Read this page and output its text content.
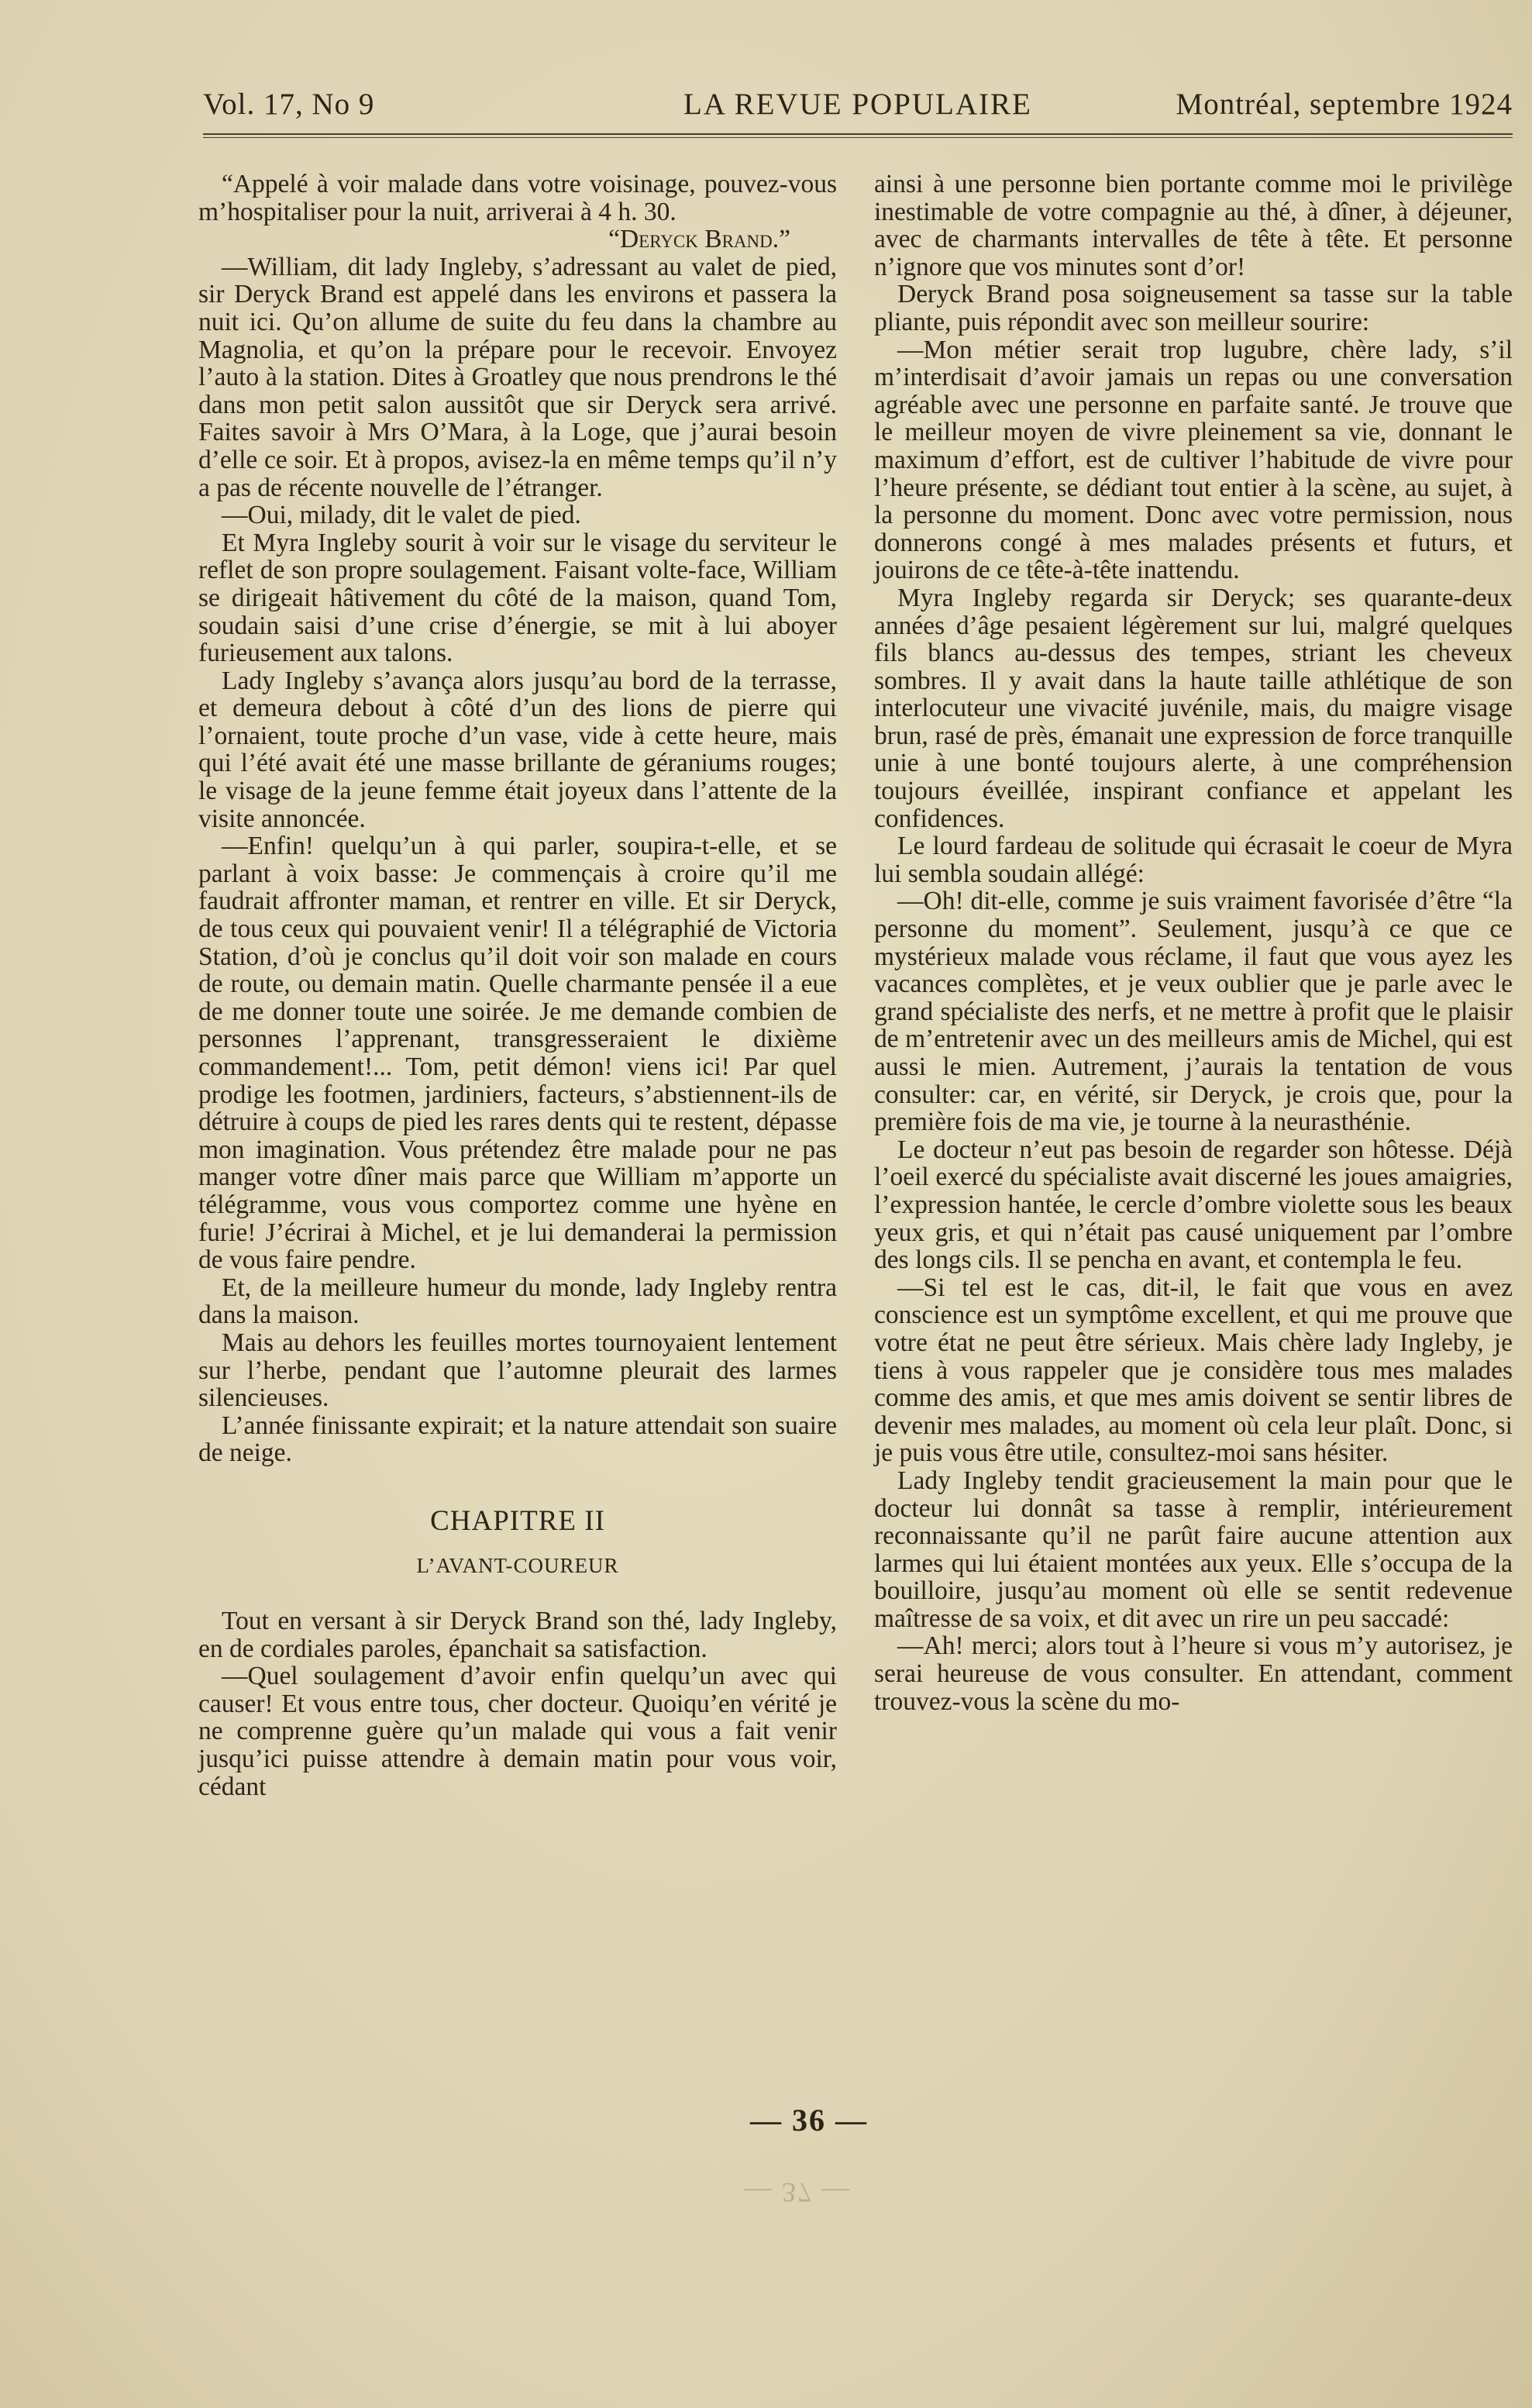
Vol. 17, No 9	LA REVUE POPULAIRE	Montréal, septembre 1924

“Appelé à voir malade dans votre voisinage, pouvez-vous m’hospitaliser pour la nuit, arriverai à 4 h. 30.

“Deryck Brand.”

—William, dit lady Ingleby, s’adressant au valet de pied, sir Deryck Brand est appelé dans les environs et passera la nuit ici. Qu’on allume de suite du feu dans la chambre au Magnolia, et qu’on la prépare pour le recevoir. Envoyez l’auto à la station. Dites à Groatley que nous prendrons le thé dans mon petit salon aussitôt que sir Deryck sera arrivé. Faites savoir à Mrs O’Mara, à la Loge, que j’aurai besoin d’elle ce soir. Et à propos, avisez-la en même temps qu’il n’y a pas de récente nouvelle de l’étranger.

—Oui, milady, dit le valet de pied.

Et Myra Ingleby sourit à voir sur le visage du serviteur le reflet de son propre soulagement. Faisant volte-face, William se dirigeait hâtivement du côté de la maison, quand Tom, soudain saisi d’une crise d’énergie, se mit à lui aboyer furieusement aux talons.

Lady Ingleby s’avança alors jusqu’au bord de la terrasse, et demeura debout à côté d’un des lions de pierre qui l’ornaient, toute proche d’un vase, vide à cette heure, mais qui l’été avait été une masse brillante de géraniums rouges; le visage de la jeune femme était joyeux dans l’attente de la visite annoncée.

—Enfin! quelqu’un à qui parler, soupira-t-elle, et se parlant à voix basse: Je commençais à croire qu’il me faudrait affronter maman, et rentrer en ville. Et sir Deryck, de tous ceux qui pouvaient venir! Il a télégraphié de Victoria Station, d’où je conclus qu’il doit voir son malade en cours de route, ou demain matin. Quelle charmante pensée il a eue de me donner toute une soirée. Je me demande combien de personnes l’apprenant, transgresseraient le dixième commandement!... Tom, petit démon! viens ici! Par quel prodige les footmen, jardiniers, facteurs, s’abstiennent-ils de détruire à coups de pied les rares dents qui te restent, dépasse mon imagination. Vous prétendez être malade pour ne pas manger votre dîner mais parce que William m’apporte un télégramme, vous vous comportez comme une hyène en furie! J’écrirai à Michel, et je lui demanderai la permission de vous faire pendre.

Et, de la meilleure humeur du monde, lady Ingleby rentra dans la maison.

Mais au dehors les feuilles mortes tournoyaient lentement sur l’herbe, pendant que l’automne pleurait des larmes silencieuses.

L’année finissante expirait; et la nature attendait son suaire de neige.

CHAPITRE II
L’AVANT-COUREUR

Tout en versant à sir Deryck Brand son thé, lady Ingleby, en de cordiales paroles, épanchait sa satisfaction.

—Quel soulagement d’avoir enfin quelqu’un avec qui causer! Et vous entre tous, cher docteur. Quoiqu’en vérité je ne comprenne guère qu’un malade qui vous a fait venir jusqu’ici puisse attendre à demain matin pour vous voir, cédant

ainsi à une personne bien portante comme moi le privilège inestimable de votre compagnie au thé, à dîner, à déjeuner, avec de charmants intervalles de tête à tête. Et personne n’ignore que vos minutes sont d’or!

Deryck Brand posa soigneusement sa tasse sur la table pliante, puis répondit avec son meilleur sourire:

—Mon métier serait trop lugubre, chère lady, s’il m’interdisait d’avoir jamais un repas ou une conversation agréable avec une personne en parfaite santé. Je trouve que le meilleur moyen de vivre pleinement sa vie, donnant le maximum d’effort, est de cultiver l’habitude de vivre pour l’heure présente, se dédiant tout entier à la scène, au sujet, à la personne du moment. Donc avec votre permission, nous donnerons congé à mes malades présents et futurs, et jouirons de ce tête-à-tête inattendu.

Myra Ingleby regarda sir Deryck; ses quarante-deux années d’âge pesaient légèrement sur lui, malgré quelques fils blancs au-dessus des tempes, striant les cheveux sombres. Il y avait dans la haute taille athlétique de son interlocuteur une vivacité juvénile, mais, du maigre visage brun, rasé de près, émanait une expression de force tranquille unie à une bonté toujours alerte, à une compréhension toujours éveillée, inspirant confiance et appelant les confidences.

Le lourd fardeau de solitude qui écrasait le coeur de Myra lui sembla soudain allégé:

—Oh! dit-elle, comme je suis vraiment favorisée d’être “la personne du moment”. Seulement, jusqu’à ce que ce mystérieux malade vous réclame, il faut que vous ayez les vacances complètes, et je veux oublier que je parle avec le grand spécialiste des nerfs, et ne mettre à profit que le plaisir de m’entretenir avec un des meilleurs amis de Michel, qui est aussi le mien. Autrement, j’aurais la tentation de vous consulter: car, en vérité, sir Deryck, je crois que, pour la première fois de ma vie, je tourne à la neurasthénie.

Le docteur n’eut pas besoin de regarder son hôtesse. Déjà l’oeil exercé du spécialiste avait discerné les joues amaigries, l’expression hantée, le cercle d’ombre violette sous les beaux yeux gris, et qui n’était pas causé uniquement par l’ombre des longs cils. Il se pencha en avant, et contempla le feu.

—Si tel est le cas, dit-il, le fait que vous en avez conscience est un symptôme excellent, et qui me prouve que votre état ne peut être sérieux. Mais chère lady Ingleby, je tiens à vous rappeler que je considère tous mes malades comme des amis, et que mes amis doivent se sentir libres de devenir mes malades, au moment où cela leur plaît. Donc, si je puis vous être utile, consultez-moi sans hésiter.

Lady Ingleby tendit gracieusement la main pour que le docteur lui donnât sa tasse à remplir, intérieurement reconnaissante qu’il ne parût faire aucune attention aux larmes qui lui étaient montées aux yeux. Elle s’occupa de la bouilloire, jusqu’au moment où elle se sentit redevenue maîtresse de sa voix, et dit avec un rire un peu saccadé:

—Ah! merci; alors tout à l’heure si vous m’y autorisez, je serai heureuse de vous consulter. En attendant, comment trouvez-vous la scène du mo-

— 36 —
— 37 —
